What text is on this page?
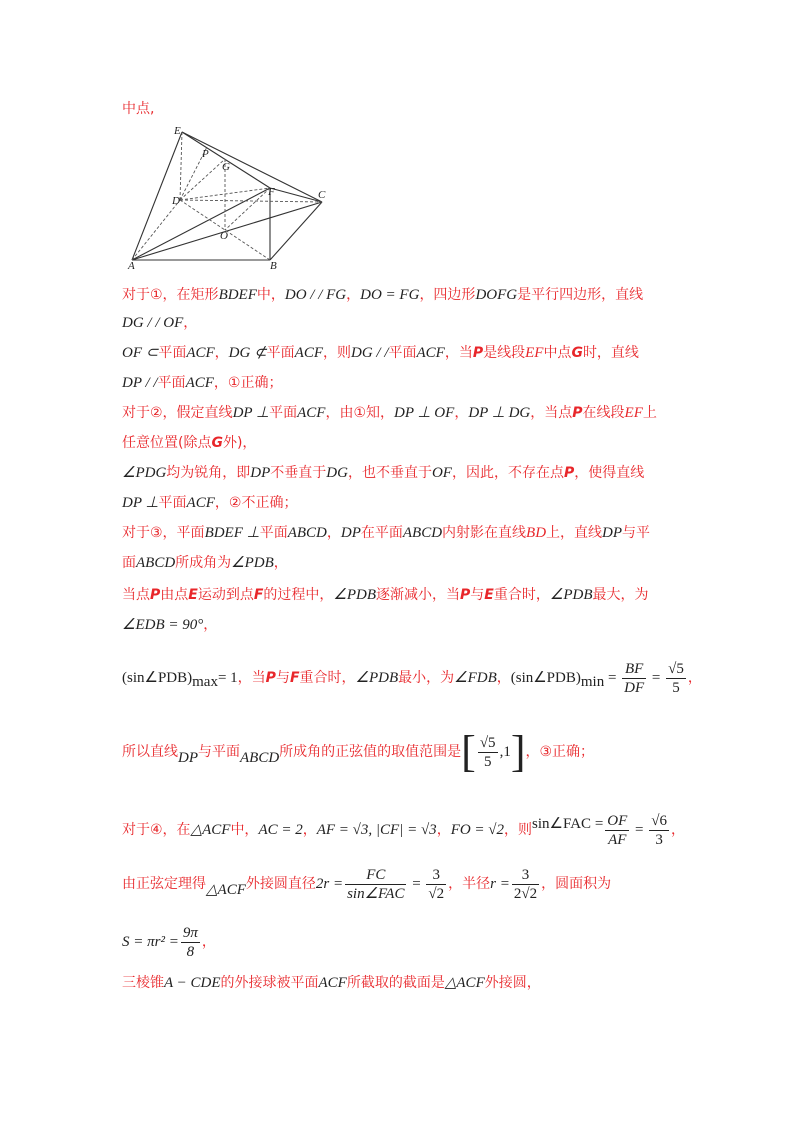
中点,
E
P
G
D
F	C
O
A	B
对于①，在矩形BDEF中，DO / / FG，DO = FG，四边形DOFG是平行四边形，直线
DG / / OF，
OF ⊂平面ACF，DG ⊄平面ACF，则DG / /平面ACF，当P是线段EF中点G时，直线
DP / /平面ACF，①正确；
对于②，假定直线DP ⊥平面ACF，由①知，DP ⊥ OF，DP ⊥ DG，当点P在线段EF上
任意位置(除点G外)，
∠PDG均为锐角，即DP不垂直于DG，也不垂直于OF，因此，不存在点P，使得直线
DP ⊥平面ACF，②不正确；
对于③，平面BDEF ⊥平面ABCD，DP在平面ABCD内射影在直线BD上，直线DP与平
面ABCD所成角为∠PDB，
当点P由点E运动到点F的过程中，∠PDB逐渐减小，当P与E重合时，∠PDB最大，为
∠EDB = 90°，
$(\sin\angle PDB)_{max}= 1$，当P与F重合时，∠PDB最小，为∠FDB，$(\sin\angle PDB)_{min} = \frac{BF}{DF} = \frac{√5}{5}$ ，
所以直线DP与平面ABCD所成角的正弦值的取值范围是[ $\frac{√5}{5} ,1$]，③正确；
对于④，在△ACF中，AC = 2，AF = √3, |CF| = √3，FO = √2，则sin∠FAC = $\frac{OF}{AF} = \frac{√6}{3}$ ，
由正弦定理得△ACF外接圆直径$2r = \frac{FC}{\text{sin∠FAC}} = \frac{3}{√2}$ ，半径$r = \frac{3}{2√2}$ ，圆面积为
$S = \pi r^2 = \frac{9\pi}{8}$ ，
三棱锥A − CDE的外接球被平面ACF所截取的截面是△ACF外接圆，
